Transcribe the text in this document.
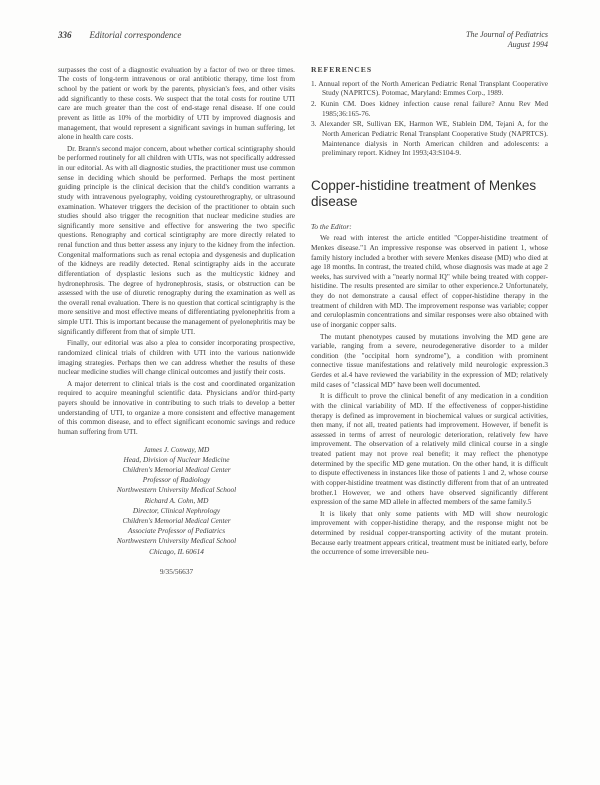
336 Editorial correspondence	The Journal of Pediatrics
August 1994

surpasses the cost of a diagnostic evaluation by a factor of two or three times. The costs of long-term intravenous or oral antibiotic therapy, time lost from school by the patient or work by the parents, physician's fees, and other visits add significantly to these costs. We suspect that the total costs for routine UTI care are much greater than the cost of end-stage renal disease. If one could prevent as little as 10% of the morbidity of UTI by improved diagnosis and management, that would represent a significant savings in human suffering, let alone in health care costs.

Dr. Brann's second major concern, about whether cortical scintigraphy should be performed routinely for all children with UTIs, was not specifically addressed in our editorial. As with all diagnostic studies, the practitioner must use common sense in deciding which should be performed. Perhaps the most pertinent guiding principle is the clinical decision that the child's condition warrants a study with intravenous pyelography, voiding cystourethrography, or ultrasound examination. Whatever triggers the decision of the practitioner to obtain such studies should also trigger the recognition that nuclear medicine studies are significantly more sensitive and effective for answering the two specific questions. Renography and cortical scintigraphy are more directly related to renal function and thus better assess any injury to the kidney from the infection. Congenital malformations such as renal ectopia and dysgenesis and duplication of the kidneys are readily detected. Renal scintigraphy aids in the accurate differentiation of dysplastic lesions such as the multicystic kidney and hydronephrosis. The degree of hydronephrosis, stasis, or obstruction can be assessed with the use of diuretic renography during the examination as well as the overall renal evaluation. There is no question that cortical scintigraphy is the more sensitive and most effective means of differentiating pyelonephritis from a simple UTI. This is important because the management of pyelonephritis may be significantly different from that of simple UTI.

Finally, our editorial was also a plea to consider incorporating prospective, randomized clinical trials of children with UTI into the various nationwide imaging strategies. Perhaps then we can address whether the results of these nuclear medicine studies will change clinical outcomes and justify their costs.

A major deterrent to clinical trials is the cost and coordinated organization required to acquire meaningful scientific data. Physicians and/or third-party payers should be innovative in contributing to such trials to develop a better understanding of UTI, to organize a more consistent and effective management of this common disease, and to effect significant economic savings and reduce human suffering from UTI.

James J. Conway, MD
Head, Division of Nuclear Medicine
Children's Memorial Medical Center
Professor of Radiology
Northwestern University Medical School
Richard A. Cohn, MD
Director, Clinical Nephrology
Children's Memorial Medical Center
Associate Professor of Pediatrics
Northwestern University Medical School
Chicago, IL 60614
9/35/56637
REFERENCES
1. Annual report of the North American Pediatric Renal Transplant Cooperative Study (NAPRTCS). Potomac, Maryland: Emmes Corp., 1989.
2. Kunin CM. Does kidney infection cause renal failure? Annu Rev Med 1985;36:165-76.
3. Alexander SR, Sullivan EK, Harmon WE, Stablein DM, Tejani A, for the North American Pediatric Renal Transplant Cooperative Study (NAPRTCS). Maintenance dialysis in North American children and adolescents: a preliminary report. Kidney Int 1993;43:S104-9.
Copper-histidine treatment of Menkes disease

To the Editor:

We read with interest the article entitled "Copper-histidine treatment of Menkes disease."1 An impressive response was observed in patient 1, whose family history included a brother with severe Menkes disease (MD) who died at age 18 months. In contrast, the treated child, whose diagnosis was made at age 2 weeks, has survived with a "nearly normal IQ" while being treated with copper-histidine. The results presented are similar to other experience.2 Unfortunately, they do not demonstrate a causal effect of copper-histidine therapy in the treatment of children with MD. The improvement response was variable; copper and ceruloplasmin concentrations and similar responses were also obtained with use of inorganic copper salts.

The mutant phenotypes caused by mutations involving the MD gene are variable, ranging from a severe, neurodegenerative disorder to a milder condition (the "occipital horn syndrome"), a condition with prominent connective tissue manifestations and relatively mild neurologic expression.3 Gerdes et al.4 have reviewed the variability in the expression of MD; relatively mild cases of "classical MD" have been well documented.

It is difficult to prove the clinical benefit of any medication in a condition with the clinical variability of MD. If the effectiveness of copper-histidine therapy is defined as improvement in biochemical values or surgical activities, then many, if not all, treated patients had improvement. However, if benefit is assessed in terms of arrest of neurologic deterioration, relatively few have improvement. The observation of a relatively mild clinical course in a single treated patient may not prove real benefit; it may reflect the phenotype determined by the specific MD gene mutation. On the other hand, it is difficult to dispute effectiveness in instances like those of patients 1 and 2, whose course with copper-histidine treatment was distinctly different from that of an untreated brother.1 However, we and others have observed significantly different expression of the same MD allele in affected members of the same family.5

It is likely that only some patients with MD will show neurologic improvement with copper-histidine therapy, and the response might not be determined by residual copper-transporting activity of the mutant protein. Because early treatment appears critical, treatment must be initiated early, before the occurrence of some irreversible neu-
